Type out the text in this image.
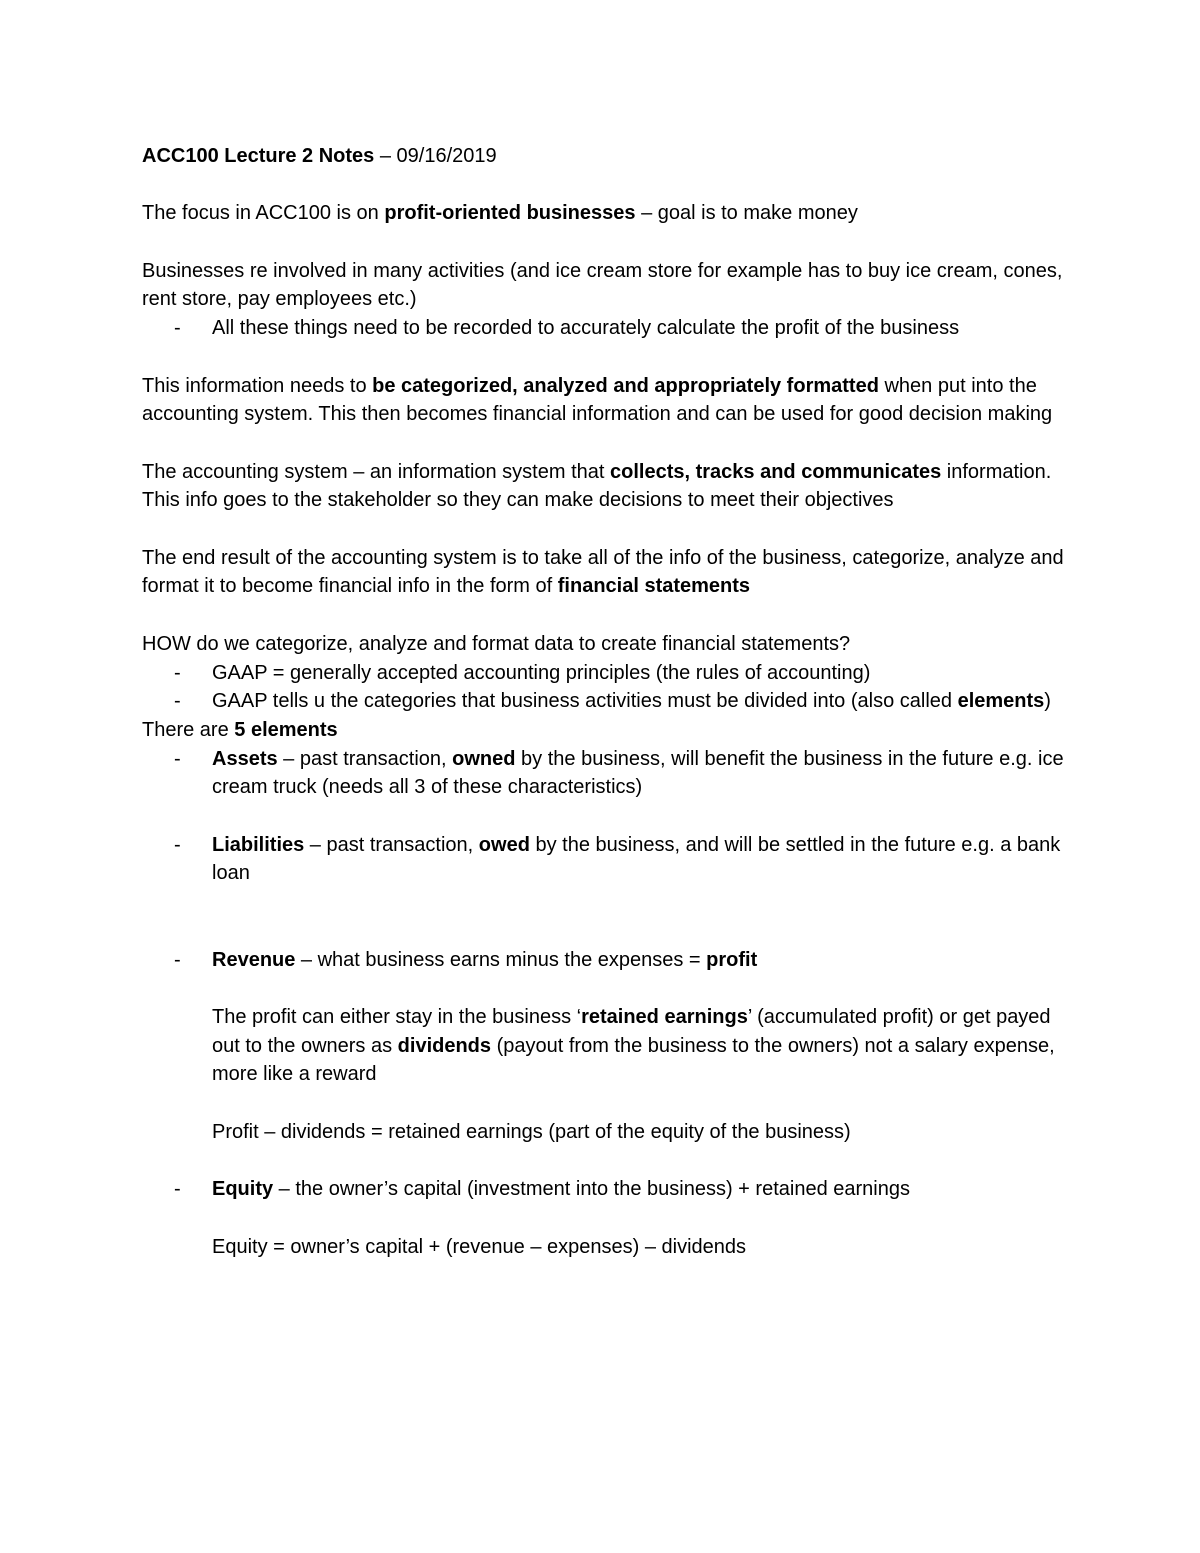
ACC100 Lecture 2 Notes – 09/16/2019

The focus in ACC100 is on profit-oriented businesses – goal is to make money

Businesses re involved in many activities (and ice cream store for example has to buy ice cream, cones, rent store, pay employees etc.)

- All these things need to be recorded to accurately calculate the profit of the business

This information needs to be categorized, analyzed and appropriately formatted when put into the accounting system. This then becomes financial information and can be used for good decision making

The accounting system – an information system that collects, tracks and communicates information. This info goes to the stakeholder so they can make decisions to meet their objectives

The end result of the accounting system is to take all of the info of the business, categorize, analyze and format it to become financial info in the form of financial statements

HOW do we categorize, analyze and format data to create financial statements?

- GAAP = generally accepted accounting principles (the rules of accounting)
- GAAP tells u the categories that business activities must be divided into (also called elements)

There are 5 elements

- Assets – past transaction, owned by the business, will benefit the business in the future e.g. ice cream truck (needs all 3 of these characteristics)
- Liabilities – past transaction, owed by the business, and will be settled in the future e.g. a bank loan
- Revenue – what business earns minus the expenses = profit

The profit can either stay in the business ‘retained earnings’ (accumulated profit) or get payed out to the owners as dividends (payout from the business to the owners) not a salary expense, more like a reward

Profit – dividends = retained earnings (part of the equity of the business)

- Equity – the owner’s capital (investment into the business) + retained earnings

Equity = owner’s capital + (revenue – expenses) – dividends
